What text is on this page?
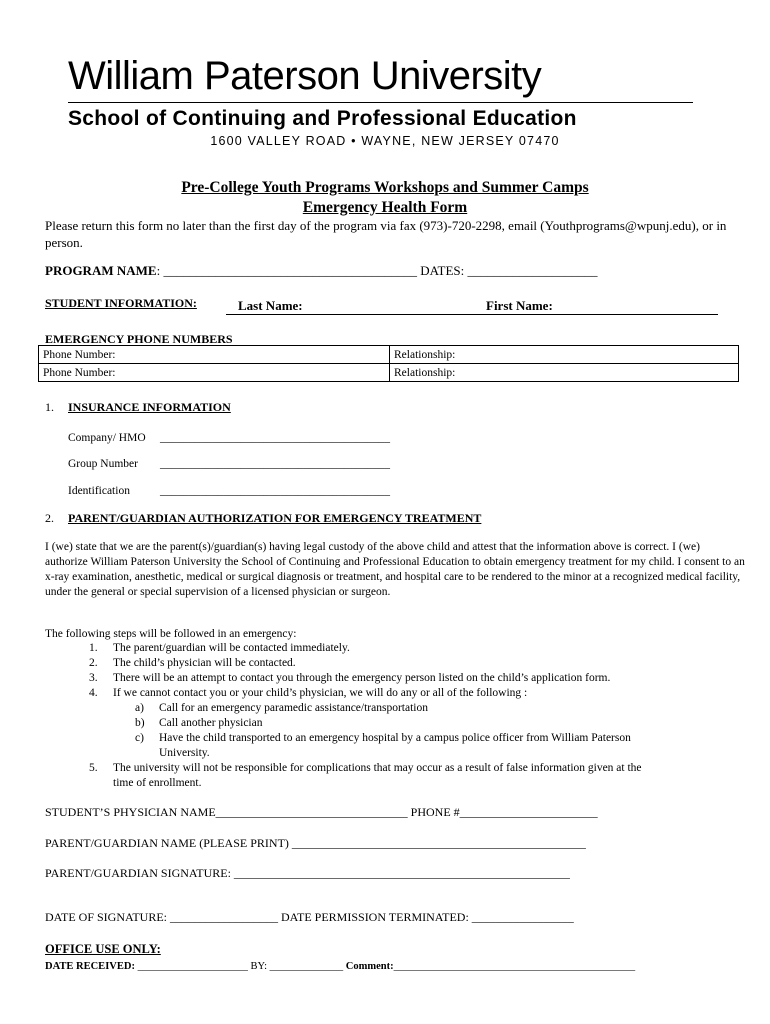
William Paterson University
School of Continuing and Professional Education
1600 VALLEY ROAD • WAYNE, NEW JERSEY 07470
Pre-College Youth Programs Workshops and Summer Camps
Emergency Health Form
Please return this form no later than the first day of the program via fax (973)-720-2298, email (Youthprograms@wpunj.edu), or in person.
PROGRAM NAME: _______________________________________ DATES: ____________________
STUDENT INFORMATION:	Last Name:	First Name:
EMERGENCY PHONE NUMBERS
Phone Number:	Relationship:
Phone Number:	Relationship:
1. INSURANCE INFORMATION
Company/ HMO ________________________________________
Group Number ________________________________________
Identification	________________________________________
2. PARENT/GUARDIAN AUTHORIZATION FOR EMERGENCY TREATMENT
I (we) state that we are the parent(s)/guardian(s) having legal custody of the above child and attest that the information above is correct. I (we) authorize William Paterson University the School of Continuing and Professional Education to obtain emergency treatment for my child. I consent to an x-ray examination, anesthetic, medical or surgical diagnosis or treatment, and hospital care to be rendered to the minor at a recognized medical facility, under the general or special supervision of a licensed physician or surgeon.
The following steps will be followed in an emergency:
1. The parent/guardian will be contacted immediately.
2. The child’s physician will be contacted.
3. There will be an attempt to contact you through the emergency person listed on the child’s application form.
4. If we cannot contact you or your child’s physician, we will do any or all of the following :
a) Call for an emergency paramedic assistance/transportation
b) Call another physician
c) Have the child transported to an emergency hospital by a campus police officer from William Paterson
University.
5. The university will not be responsible for complications that may occur as a result of false information given at the
time of enrollment.
STUDENT’S PHYSICIAN NAME________________________________ PHONE #_______________________
PARENT/GUARDIAN NAME (PLEASE PRINT) _________________________________________________
PARENT/GUARDIAN SIGNATURE: ________________________________________________________
DATE OF SIGNATURE: __________________ DATE PERMISSION TERMINATED: _________________
OFFICE USE ONLY:
DATE RECEIVED: _____________________ BY: ______________ Comment:______________________________________________
